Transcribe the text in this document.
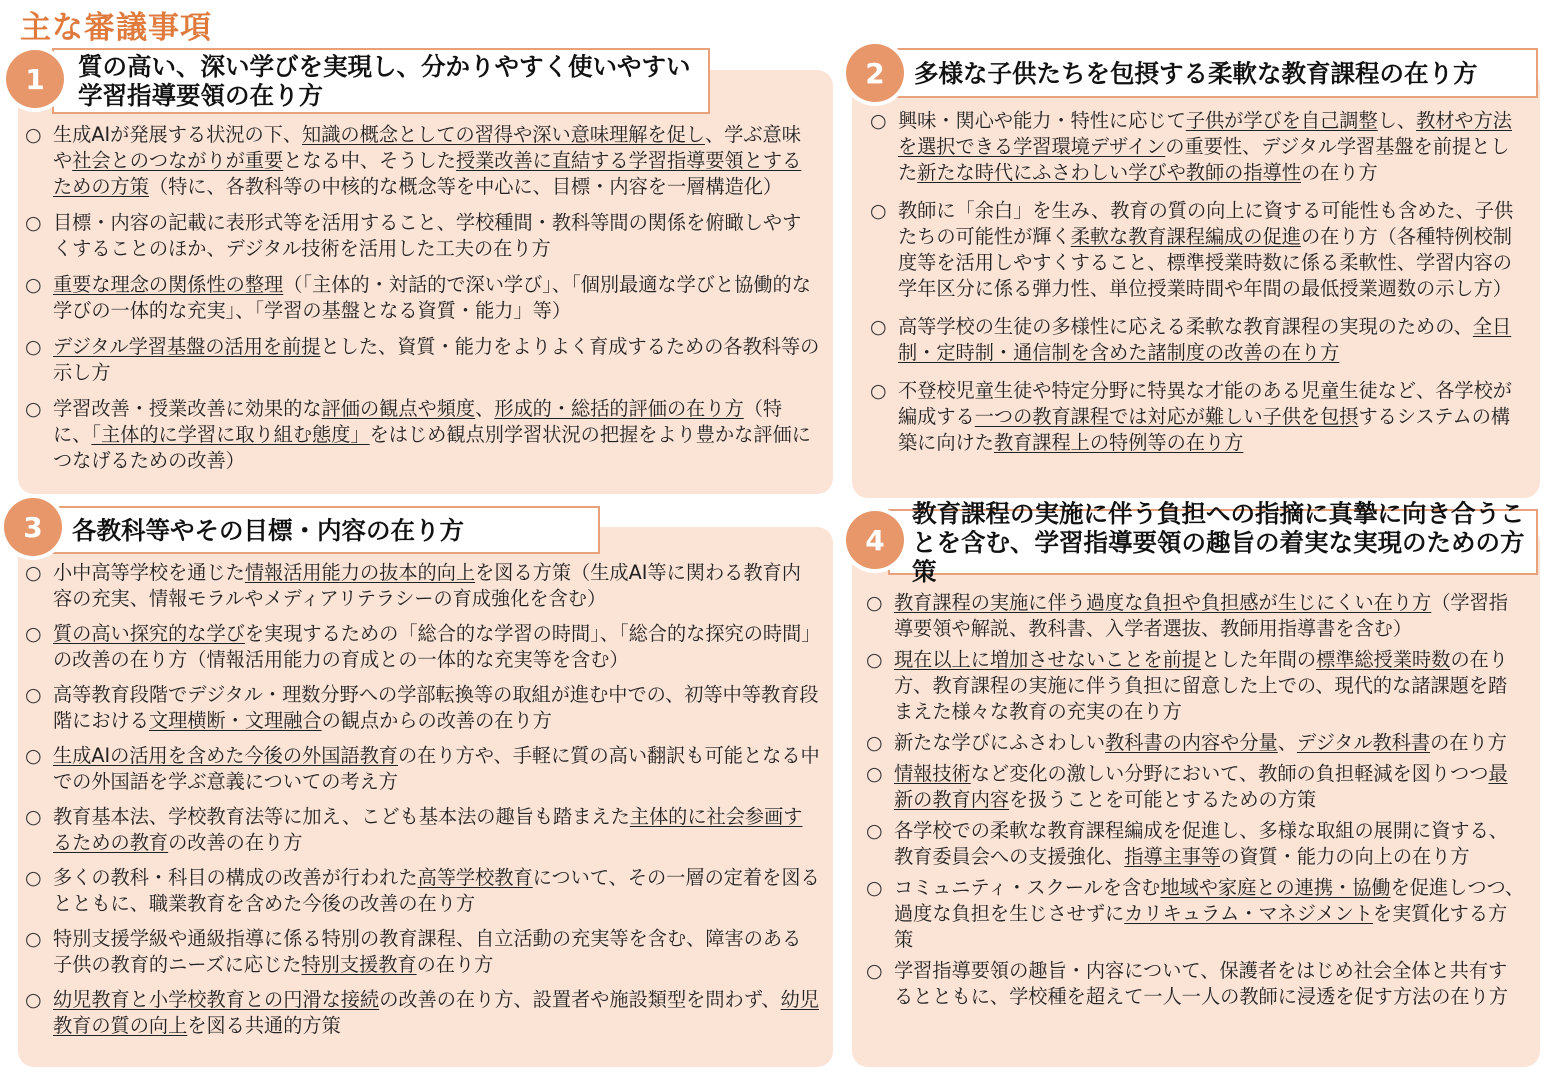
主な審議事項
質の高い、深い学びを実現し、分かりやすく使いやすい学習指導要領の在り方
1
○ 生成AIが発展する状況の下、知識の概念としての習得や深い意味理解を促し、学ぶ意味や社会とのつながりが重要となる中、そうした授業改善に直結する学習指導要領とするための方策（特に、各教科等の中核的な概念等を中心に、目標・内容を一層構造化）
○ 目標・内容の記載に表形式等を活用すること、学校種間・教科等間の関係を俯瞰しやすくすることのほか、デジタル技術を活用した工夫の在り方
○ 重要な理念の関係性の整理（「主体的・対話的で深い学び」、「個別最適な学びと協働的な学びの一体的な充実」、「学習の基盤となる資質・能力」等）
○ デジタル学習基盤の活用を前提とした、資質・能力をよりよく育成するための各教科等の示し方
○ 学習改善・授業改善に効果的な評価の観点や頻度、形成的・総括的評価の在り方（特に、「主体的に学習に取り組む態度」をはじめ観点別学習状況の把握をより豊かな評価につなげるための改善）
多様な子供たちを包摂する柔軟な教育課程の在り方
2
○ 興味・関心や能力・特性に応じて子供が学びを自己調整し、教材や方法を選択できる学習環境デザインの重要性、デジタル学習基盤を前提とした新たな時代にふさわしい学びや教師の指導性の在り方
○ 教師に「余白」を生み、教育の質の向上に資する可能性も含めた、子供たちの可能性が輝く柔軟な教育課程編成の促進の在り方（各種特例校制度等を活用しやすくすること、標準授業時数に係る柔軟性、学習内容の学年区分に係る弾力性、単位授業時間や年間の最低授業週数の示し方）
○ 高等学校の生徒の多様性に応える柔軟な教育課程の実現のための、全日制・定時制・通信制を含めた諸制度の改善の在り方
○ 不登校児童生徒や特定分野に特異な才能のある児童生徒など、各学校が編成する一つの教育課程では対応が難しい子供を包摂するシステムの構築に向けた教育課程上の特例等の在り方
各教科等やその目標・内容の在り方
3
○ 小中高等学校を通じた情報活用能力の抜本的向上を図る方策（生成AI等に関わる教育内容の充実、情報モラルやメディアリテラシーの育成強化を含む）
○ 質の高い探究的な学びを実現するための「総合的な学習の時間」、「総合的な探究の時間」の改善の在り方（情報活用能力の育成との一体的な充実等を含む）
○ 高等教育段階でデジタル・理数分野への学部転換等の取組が進む中での、初等中等教育段階における文理横断・文理融合の観点からの改善の在り方
○ 生成AIの活用を含めた今後の外国語教育の在り方や、手軽に質の高い翻訳も可能となる中での外国語を学ぶ意義についての考え方
○ 教育基本法、学校教育法等に加え、こども基本法の趣旨も踏まえた主体的に社会参画するための教育の改善の在り方
○ 多くの教科・科目の構成の改善が行われた高等学校教育について、その一層の定着を図るとともに、職業教育を含めた今後の改善の在り方
○ 特別支援学級や通級指導に係る特別の教育課程、自立活動の充実等を含む、障害のある子供の教育的ニーズに応じた特別支援教育の在り方
○ 幼児教育と小学校教育との円滑な接続の改善の在り方、設置者や施設類型を問わず、幼児教育の質の向上を図る共通的方策
教育課程の実施に伴う負担への指摘に真摯に向き合うことを含む、学習指導要領の趣旨の着実な実現のための方策
4
○ 教育課程の実施に伴う過度な負担や負担感が生じにくい在り方（学習指導要領や解説、教科書、入学者選抜、教師用指導書を含む）
○ 現在以上に増加させないことを前提とした年間の標準総授業時数の在り方、教育課程の実施に伴う負担に留意した上での、現代的な諸課題を踏まえた様々な教育の充実の在り方
○ 新たな学びにふさわしい教科書の内容や分量、デジタル教科書の在り方
○ 情報技術など変化の激しい分野において、教師の負担軽減を図りつつ最新の教育内容を扱うことを可能とするための方策
○ 各学校での柔軟な教育課程編成を促進し、多様な取組の展開に資する、教育委員会への支援強化、指導主事等の資質・能力の向上の在り方
○ コミュニティ・スクールを含む地域や家庭との連携・協働を促進しつつ、過度な負担を生じさせずにカリキュラム・マネジメントを実質化する方策
○ 学習指導要領の趣旨・内容について、保護者をはじめ社会全体と共有するとともに、学校種を超えて一人一人の教師に浸透を促す方法の在り方
